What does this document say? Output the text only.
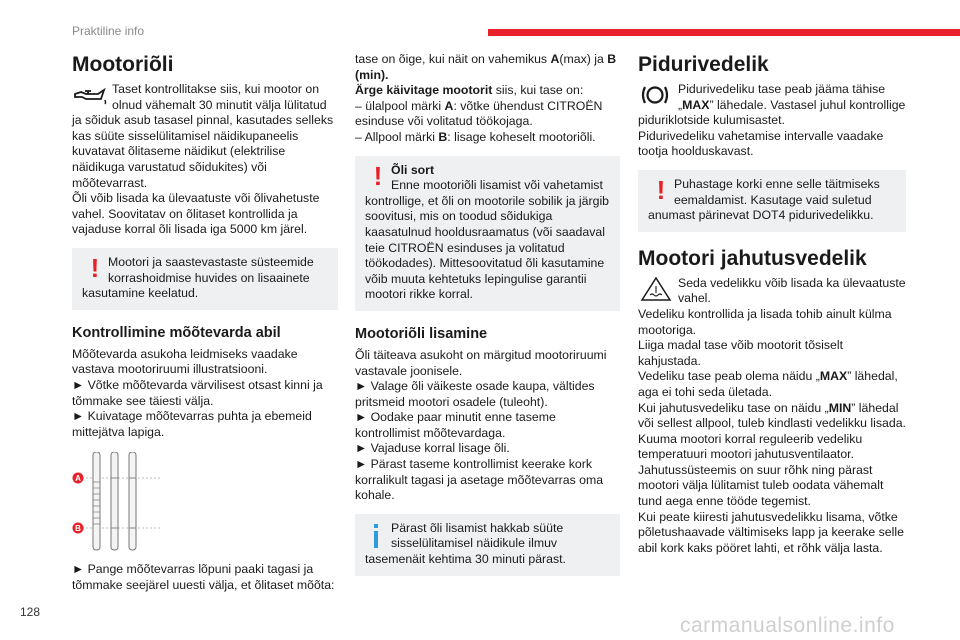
Praktiline info
Mootoriõli
Taset kontrollitakse siis, kui mootor on olnud vähemalt 30 minutit välja lülitatud ja sõiduk asub tasasel pinnal, kasutades selleks kas süüte sisselülitamisel näidikupaneelis kuvatavat õlitaseme näidikut (elektrilise näidikuga varustatud sõidukites) või mõõtevarrast.

Õli võib lisada ka ülevaatuste või õlivahetuste vahel. Soovitatav on õlitaset kontrollida ja vajaduse korral õli lisada iga 5000 km järel.

! Mootori ja saastevastaste süsteemide korrashoidmise huvides on lisaainete kasutamine keelatud.
Kontrollimine mõõtevarda abil

Mõõtevarda asukoha leidmiseks vaadake vastava mootoriruumi illustratsiooni.

► Võtke mõõtevarda värvilisest otsast kinni ja tõmmake see täiesti välja.

► Kuivatage mõõtevarras puhta ja ebemeid mittejätva lapiga.

A
B

► Pange mõõtevarras lõpuni paaki tagasi ja tõmmake seejärel uuesti välja, et õlitaset mõõta:

tase on õige, kui näit on vahemikus A(max) ja B (min).

Ärge käivitage mootorit siis, kui tase on:

– ülalpool märki A: võtke ühendust CITROËN esinduse või volitatud töökojaga.

– Allpool märki B: lisage koheselt mootoriõli.

! Õli sort
Enne mootoriõli lisamist või vahetamist kontrollige, et õli on mootorile sobilik ja järgib soovitusi, mis on toodud sõidukiga kaasatulnud hooldusraamatus (või saadaval teie CITROËN esinduses ja volitatud töökodades). Mittesoovitatud õli kasutamine võib muuta kehtetuks lepingulise garantii mootori rikke korral.
Mootoriõli lisamine

Õli täiteava asukoht on märgitud mootoriruumi vastavale joonisele.

► Valage õli väikeste osade kaupa, vältides pritsmeid mootori osadele (tuleoht).

► Oodake paar minutit enne taseme kontrollimist mõõtevardaga.

► Vajaduse korral lisage õli.

► Pärast taseme kontrollimist keerake kork korralikult tagasi ja asetage mõõtevarras oma kohale.

Pärast õli lisamist hakkab süüte sisselülitamisel näidikule ilmuv tasemenäit kehtima 30 minuti pärast.
Pidurivedelik
Pidurivedeliku tase peab jääma tähise „MAX” lähedale. Vastasel juhul kontrollige piduriklotside kulumisastet.

Pidurivedeliku vahetamise intervalle vaadake tootja hoolduskavast.

! Puhastage korki enne selle täitmiseks eemaldamist. Kasutage vaid suletud anumast pärinevat DOT4 pidurivedelikku.
Mootori jahutusvedelik
Seda vedelikku võib lisada ka ülevaatuste vahel.

Vedeliku kontrollida ja lisada tohib ainult külma mootoriga.

Liiga madal tase võib mootorit tõsiselt kahjustada.

Vedeliku tase peab olema näidu „MAX” lähedal, aga ei tohi seda ületada.

Kui jahutusvedeliku tase on näidu „MIN” lähedal või sellest allpool, tuleb kindlasti vedelikku lisada.

Kuuma mootori korral reguleerib vedeliku temperatuuri mootori jahutusventilaator.

Jahutussüsteemis on suur rõhk ning pärast mootori välja lülitamist tuleb oodata vähemalt tund aega enne tööde tegemist.

Kui peate kiiresti jahutusvedelikku lisama, võtke põletushaavade vältimiseks lapp ja keerake selle abil kork kaks pööret lahti, et rõhk välja lasta.

128
carmanualsonline.info
